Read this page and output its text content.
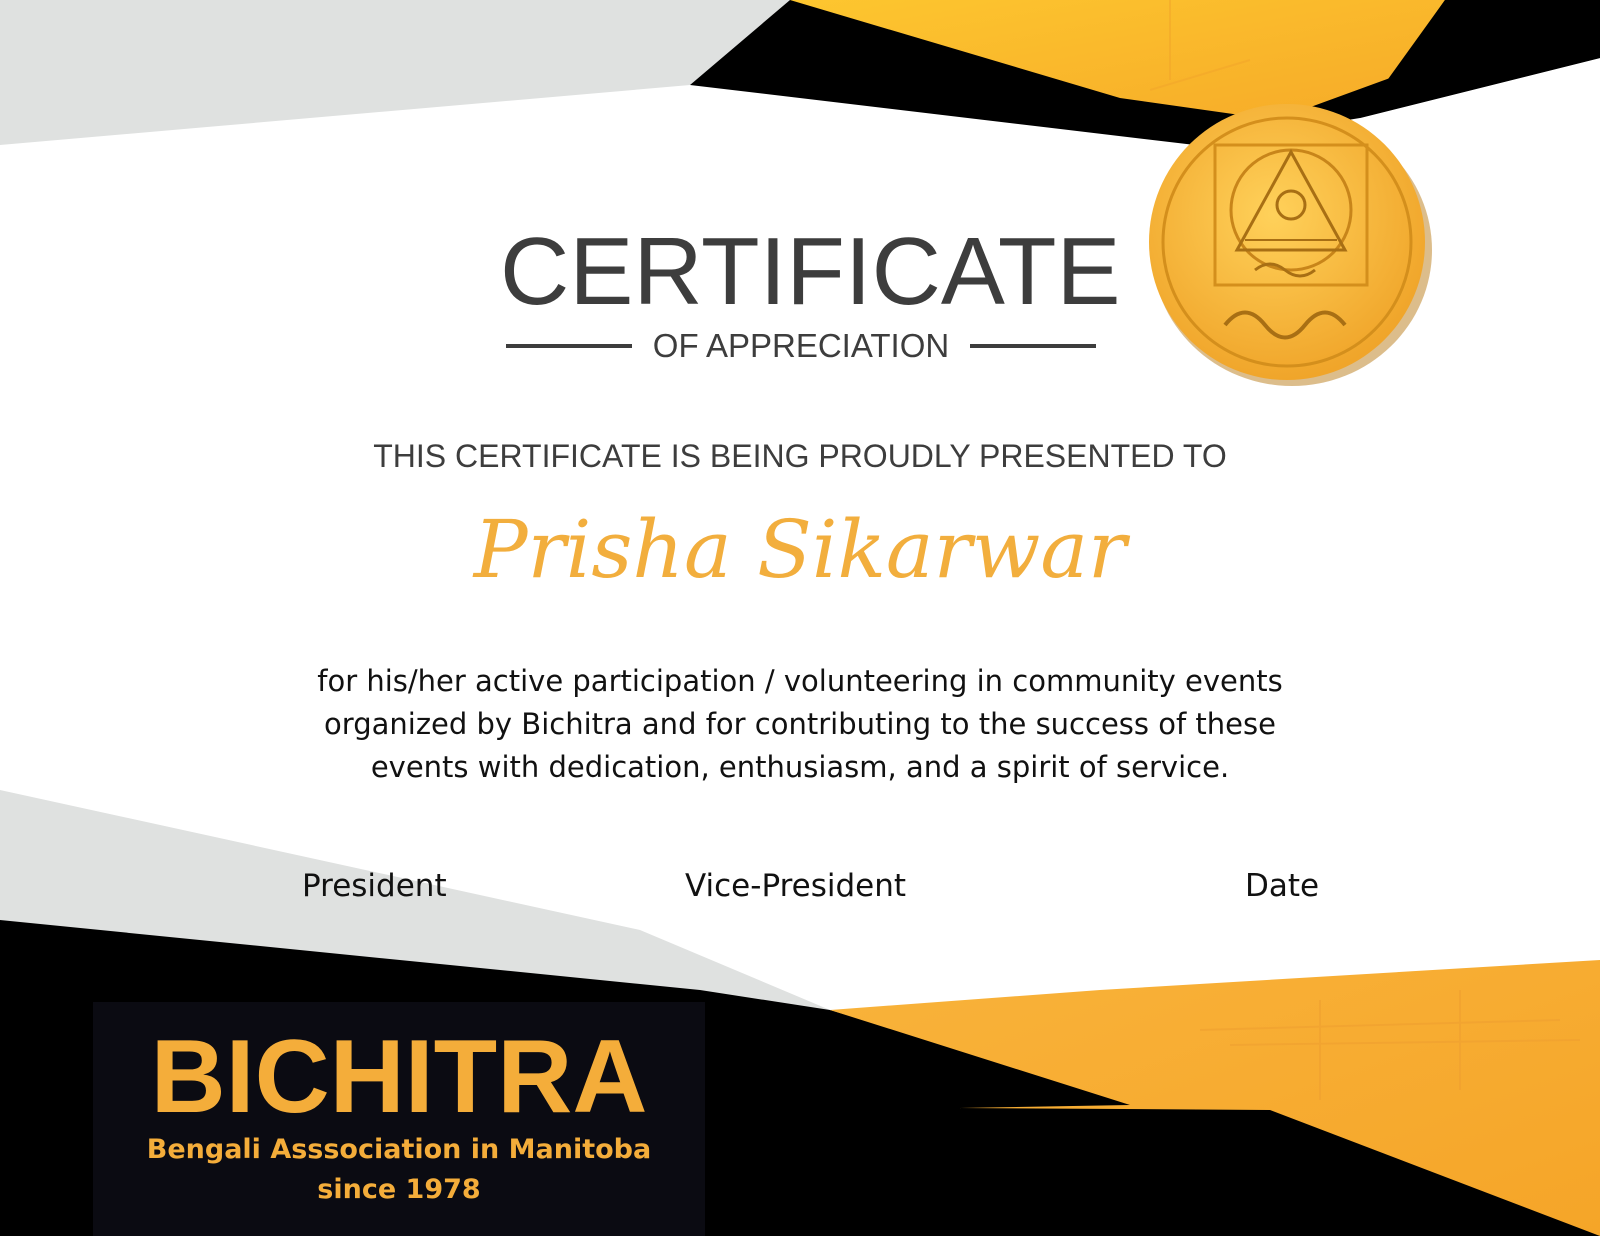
CERTIFICATE
OF APPRECIATION
THIS CERTIFICATE IS BEING PROUDLY PRESENTED TO
Prisha Sikarwar
for his/her active participation / volunteering in community events
organized by Bichitra and for contributing to the success of these
events with dedication, enthusiasm, and a spirit of service.
President	Vice-President	Date
BICHITRA
Bengali Asssociation in Manitoba
since 1978
